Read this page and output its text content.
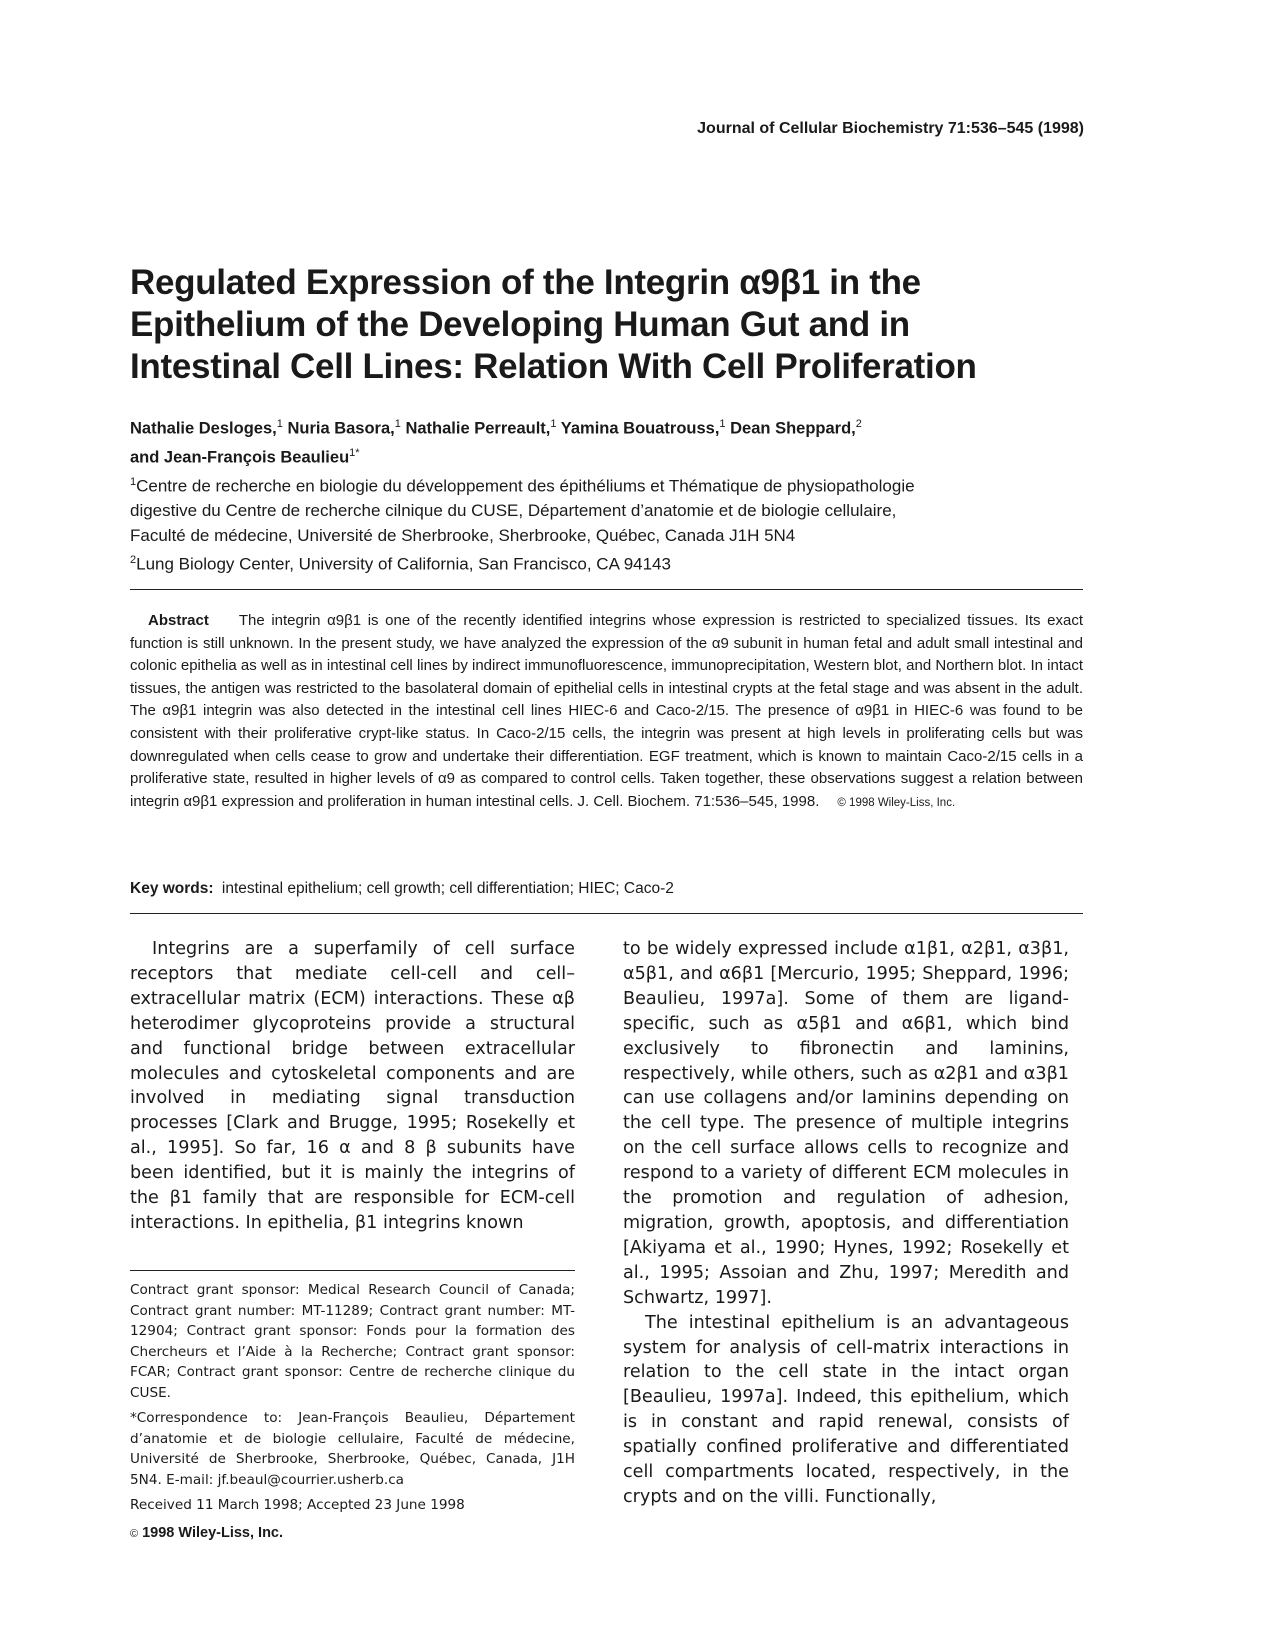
Journal of Cellular Biochemistry 71:536–545 (1998)
Regulated Expression of the Integrin α9β1 in the
Epithelium of the Developing Human Gut and in
Intestinal Cell Lines: Relation With Cell Proliferation
Nathalie Desloges,$^1$ Nuria Basora,$^1$ Nathalie Perreault,$^1$ Yamina Bouatrouss,$^1$ Dean Sheppard,$^2$
and Jean-François Beaulieu$^{1*}$
$^1$Centre de recherche en biologie du développement des épithéliums et Thématique de physiopathologie
digestive du Centre de recherche cilnique du CUSE, Département d’anatomie et de biologie cellulaire,
Faculté de médecine, Université de Sherbrooke, Sherbrooke, Québec, Canada J1H 5N4
$^2$Lung Biology Center, University of California, San Francisco, CA 94143
Abstract The integrin α9β1 is one of the recently identified integrins whose expression is restricted to specialized tissues. Its exact function is still unknown. In the present study, we have analyzed the expression of the α9 subunit in human fetal and adult small intestinal and colonic epithelia as well as in intestinal cell lines by indirect immunofluorescence, immunoprecipitation, Western blot, and Northern blot. In intact tissues, the antigen was restricted to the basolateral domain of epithelial cells in intestinal crypts at the fetal stage and was absent in the adult. The α9β1 integrin was also detected in the intestinal cell lines HIEC-6 and Caco-2/15. The presence of α9β1 in HIEC-6 was found to be consistent with their proliferative crypt-like status. In Caco-2/15 cells, the integrin was present at high levels in proliferating cells but was downregulated when cells cease to grow and undertake their differentiation. EGF treatment, which is known to maintain Caco-2/15 cells in a proliferative state, resulted in higher levels of α9 as compared to control cells. Taken together, these observations suggest a relation between integrin α9β1 expression and proliferation in human intestinal cells. J. Cell. Biochem. 71:536–545, 1998. © 1998 Wiley-Liss, Inc.
Key words: intestinal epithelium; cell growth; cell differentiation; HIEC; Caco-2

Integrins are a superfamily of cell surface receptors that mediate cell-cell and cell–extracellular matrix (ECM) interactions. These αβ heterodimer glycoproteins provide a structural and functional bridge between extracellular molecules and cytoskeletal components and are involved in mediating signal transduction processes [Clark and Brugge, 1995; Rosekelly et al., 1995]. So far, 16 α and 8 β subunits have been identified, but it is mainly the integrins of the β1 family that are responsible for ECM-cell interactions. In epithelia, β1 integrins known

Contract grant sponsor: Medical Research Council of Canada; Contract grant number: MT-11289; Contract grant number: MT-12904; Contract grant sponsor: Fonds pour la formation des Chercheurs et l’Aide à la Recherche; Contract grant sponsor: FCAR; Contract grant sponsor: Centre de recherche clinique du CUSE.

*Correspondence to: Jean-François Beaulieu, Département d’anatomie et de biologie cellulaire, Faculté de médecine, Université de Sherbrooke, Sherbrooke, Québec, Canada, J1H 5N4. E-mail: jf.beaul@courrier.usherb.ca

Received 11 March 1998; Accepted 23 June 1998

to be widely expressed include α1β1, α2β1, α3β1, α5β1, and α6β1 [Mercurio, 1995; Sheppard, 1996; Beaulieu, 1997a]. Some of them are ligand-specific, such as α5β1 and α6β1, which bind exclusively to fibronectin and laminins, respectively, while others, such as α2β1 and α3β1 can use collagens and/or laminins depending on the cell type. The presence of multiple integrins on the cell surface allows cells to recognize and respond to a variety of different ECM molecules in the promotion and regulation of adhesion, migration, growth, apoptosis, and differentiation [Akiyama et al., 1990; Hynes, 1992; Rosekelly et al., 1995; Assoian and Zhu, 1997; Meredith and Schwartz, 1997].

The intestinal epithelium is an advantageous system for analysis of cell-matrix interactions in relation to the cell state in the intact organ [Beaulieu, 1997a]. Indeed, this epithelium, which is in constant and rapid renewal, consists of spatially confined proliferative and differentiated cell compartments located, respectively, in the crypts and on the villi. Functionally,

© 1998 Wiley-Liss, Inc.
